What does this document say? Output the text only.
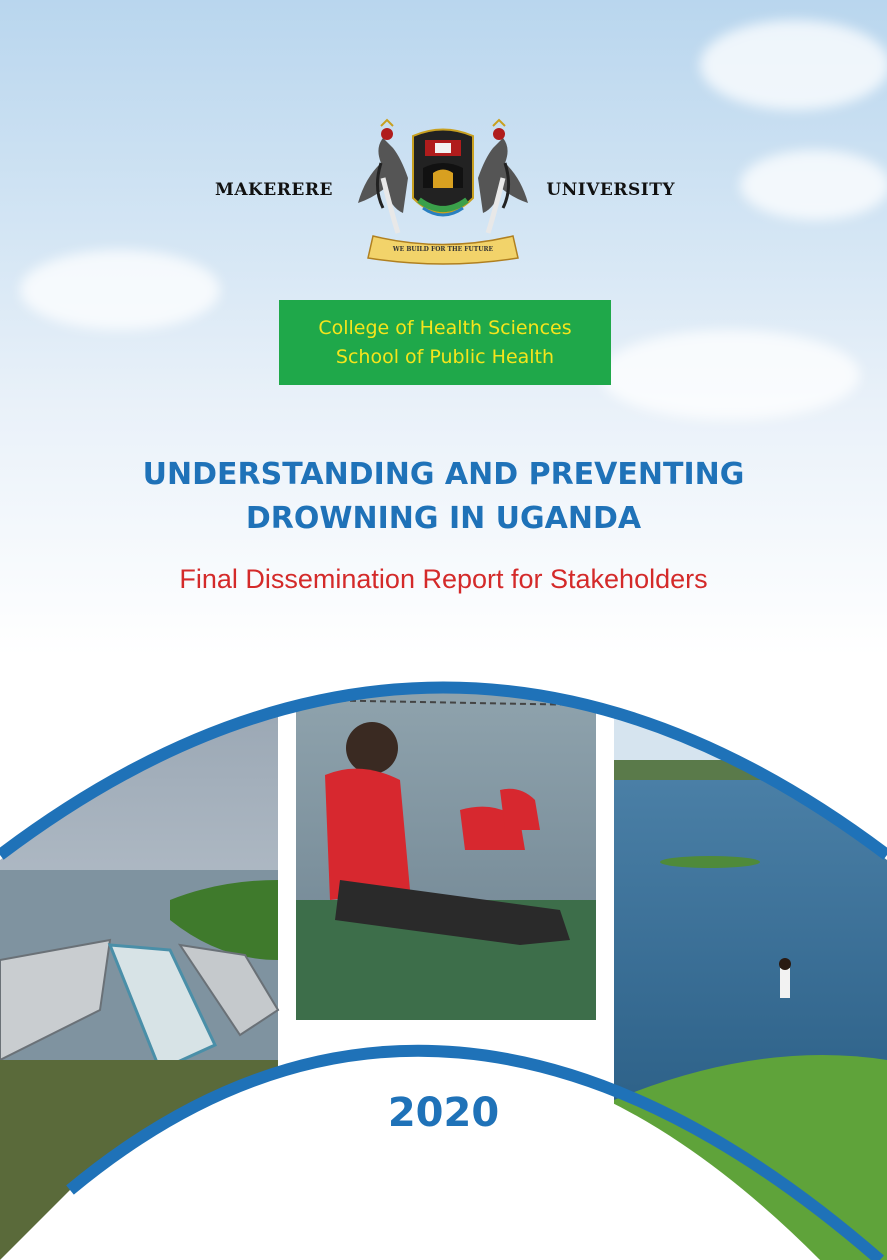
MAKERERE
WE BUILD FOR THE FUTURE
UNIVERSITY
College of Health Sciences
School of Public Health
UNDERSTANDING AND PREVENTING
DROWNING IN UGANDA
Final Dissemination Report for Stakeholders
2020
